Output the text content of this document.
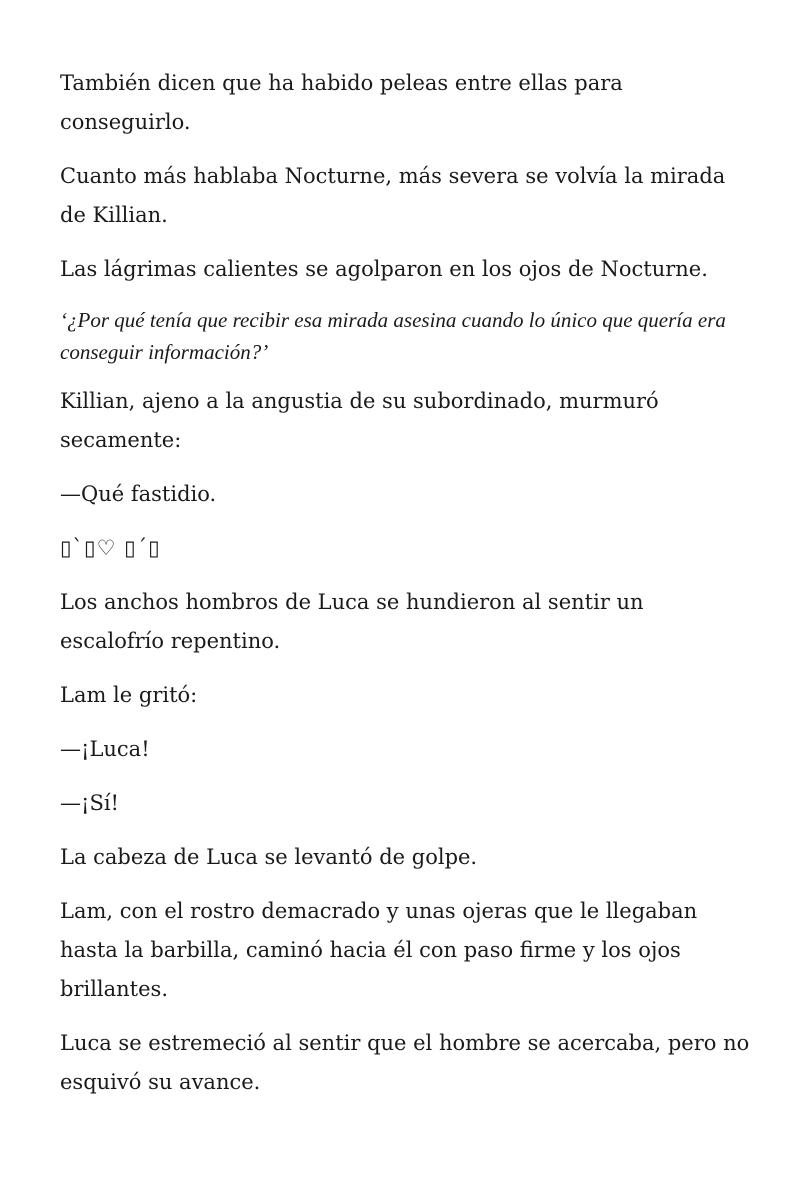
También dicen que ha habido peleas entre ellas para conseguirlo.

Cuanto más hablaba Nocturne, más severa se volvía la mirada de Killian.

Las lágrimas calientes se agolparon en los ojos de Nocturne.

‘¿Por qué tenía que recibir esa mirada asesina cuando lo único que quería era conseguir información?’

Killian, ajeno a la angustia de su subordinado, murmuró secamente:

—Qué fastidio.

▯`▯♡ ▯´▯

Los anchos hombros de Luca se hundieron al sentir un escalofrío repentino.

Lam le gritó:

—¡Luca!

—¡Sí!

La cabeza de Luca se levantó de golpe.

Lam, con el rostro demacrado y unas ojeras que le llegaban hasta la barbilla, caminó hacia él con paso firme y los ojos brillantes.

Luca se estremeció al sentir que el hombre se acercaba, pero no esquivó su avance.
